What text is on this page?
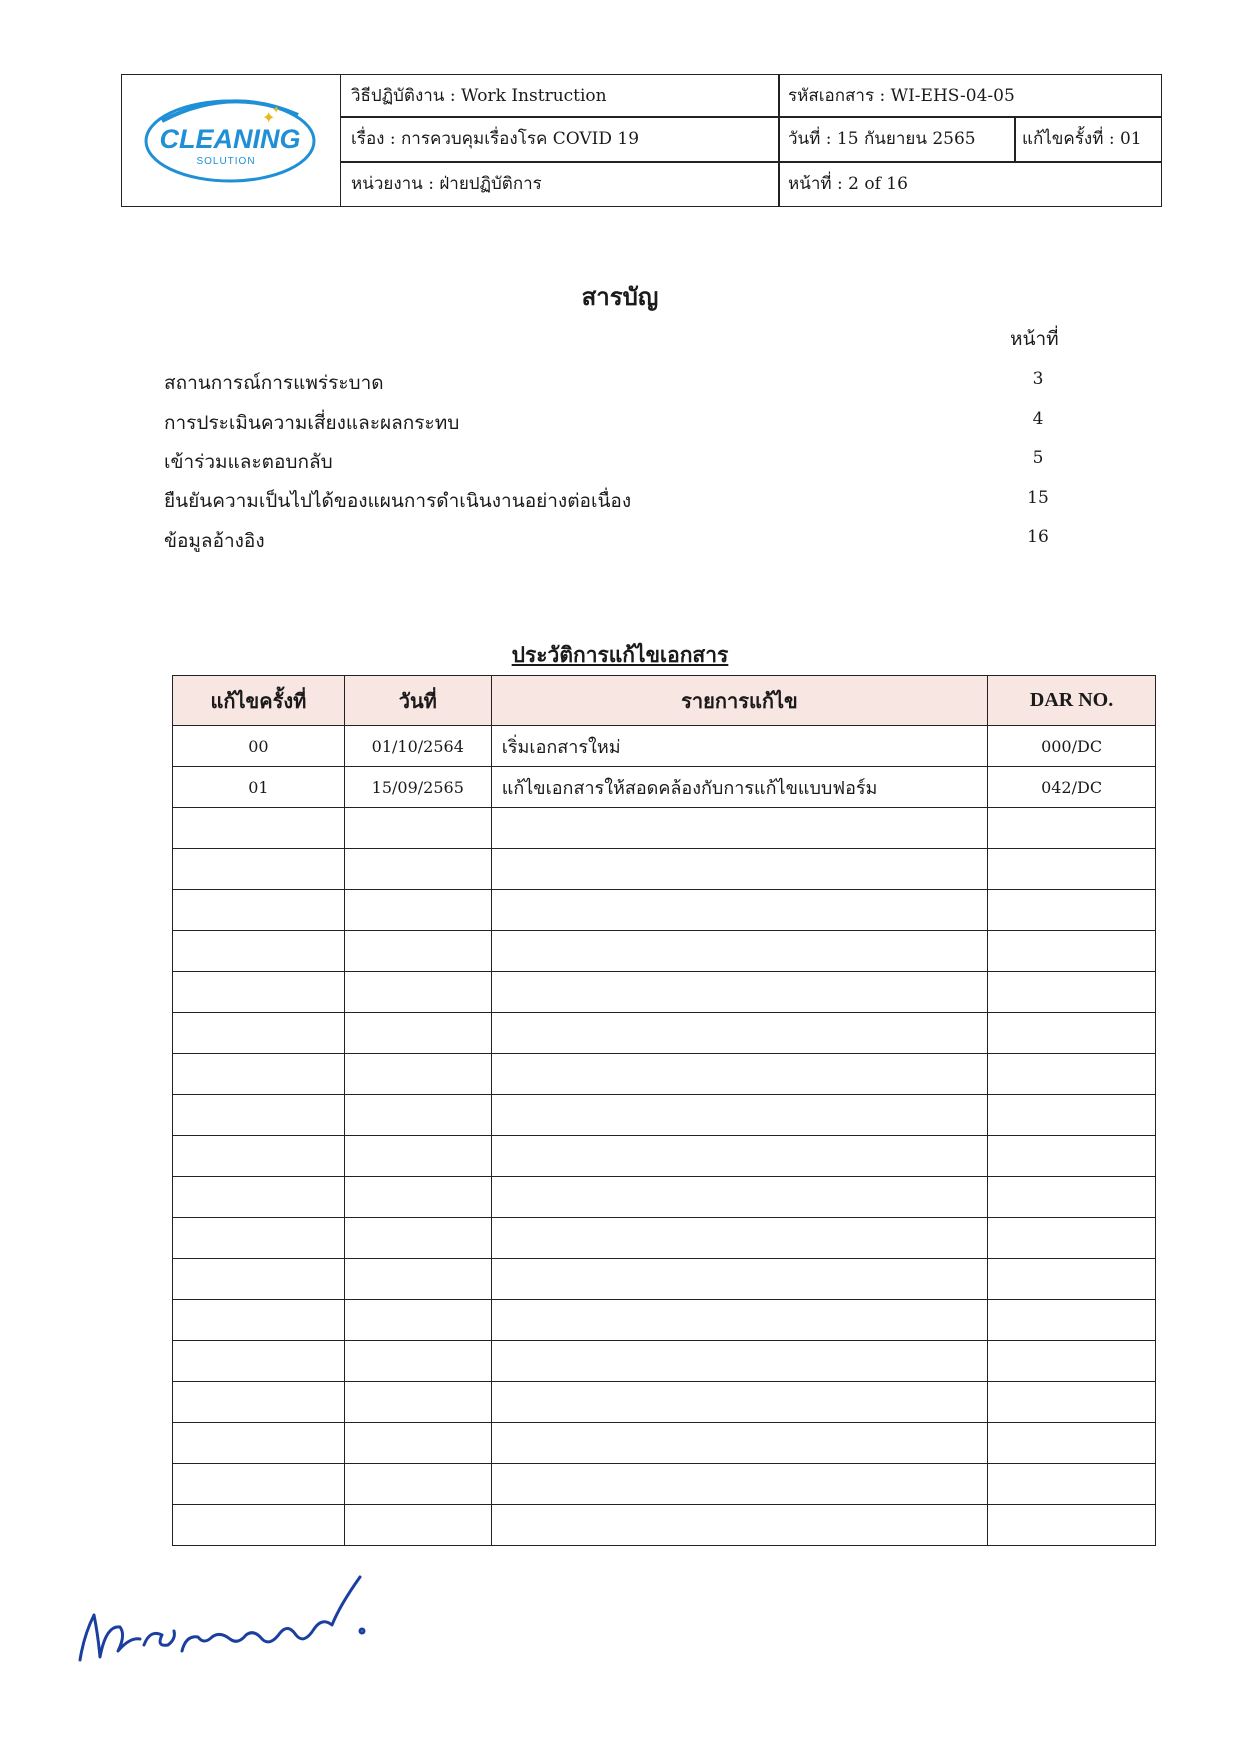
CLEANING
SOLUTION
✦
✦
วิธีปฏิบัติงาน : Work Instruction
เรื่อง : การควบคุมเรื่องโรค COVID 19
หน่วยงาน : ฝ่ายปฏิบัติการ
รหัสเอกสาร : WI-EHS-04-05
วันที่ : 15 กันยายน 2565	แก้ไขครั้งที่ : 01
หน้าที่ : 2 of 16
สารบัญ
หน้าที่
สถานการณ์การแพร่ระบาด	3
การประเมินความเสี่ยงและผลกระทบ	4
เข้าร่วมและตอบกลับ	5
ยืนยันความเป็นไปได้ของแผนการดำเนินงานอย่างต่อเนื่อง	15
ข้อมูลอ้างอิง	16
ประวัติการแก้ไขเอกสาร
แก้ไขครั้งที่	วันที่	รายการแก้ไข	DAR NO.
00	01/10/2564	เริ่มเอกสารใหม่	000/DC
01	15/09/2565	แก้ไขเอกสารให้สอดคล้องกับการแก้ไขแบบฟอร์ม	042/DC
